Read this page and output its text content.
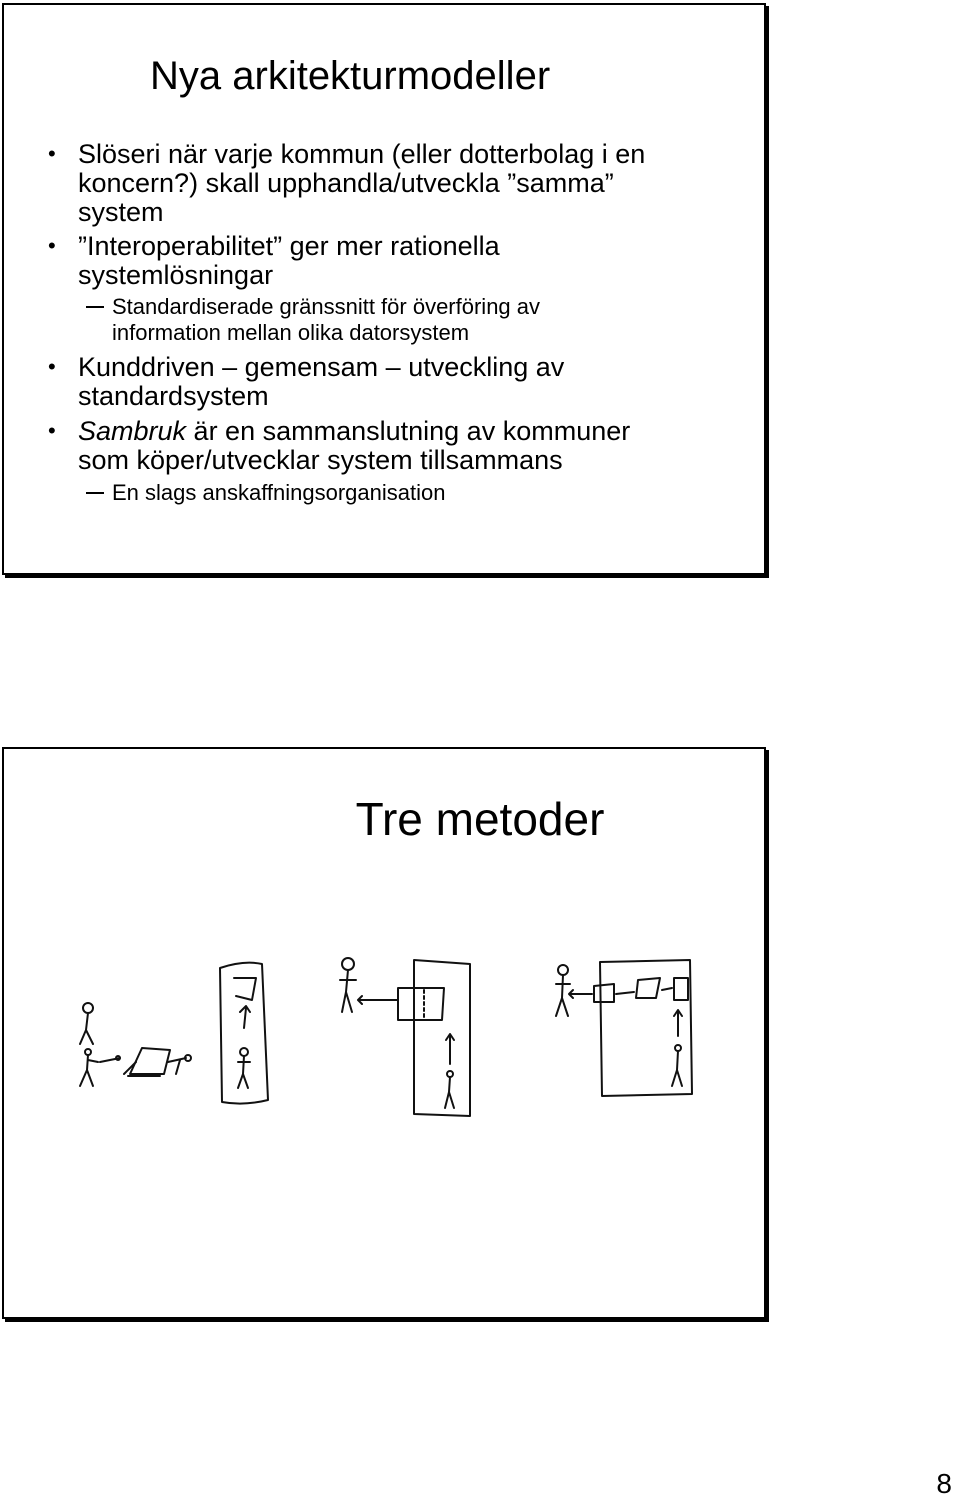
Nya arkitekturmodeller
• Slöseri när varje kommun (eller dotterbolag i en
koncern?) skall upphandla/utveckla ”samma”
system
• ”Interoperabilitet” ger mer rationella
systemlösningar
Standardiserade gränssnitt för överföring av
information mellan olika datorsystem
• Kunddriven – gemensam – utveckling av
standardsystem
• Sambruk är en sammanslutning av kommuner
som köper/utvecklar system tillsammans
En slags anskaffningsorganisation
Tre metoder
8
